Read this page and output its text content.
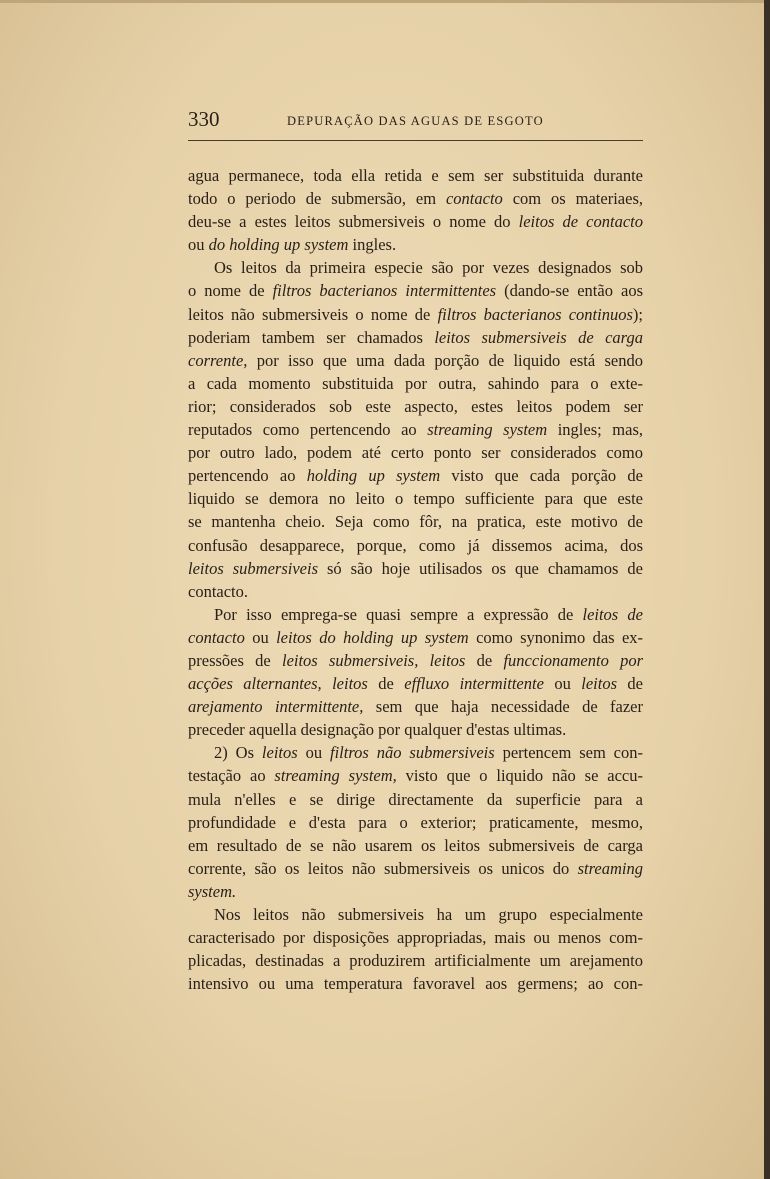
330	DEPURAÇÃO DAS AGUAS DE ESGOTO
agua permanece, toda ella retida e sem ser substituida durante
todo o periodo de submersão, em contacto com os materiaes,
deu-se a estes leitos submersiveis o nome do leitos de contacto
ou do holding up system ingles.
Os leitos da primeira especie são por vezes designados sob
o nome de filtros bacterianos intermittentes (dando-se então aos
leitos não submersiveis o nome de filtros bacterianos continuos);
poderiam tambem ser chamados leitos submersiveis de carga
corrente, por isso que uma dada porção de liquido está sendo
a cada momento substituida por outra, sahindo para o exte-
rior; considerados sob este aspecto, estes leitos podem ser
reputados como pertencendo ao streaming system ingles; mas,
por outro lado, podem até certo ponto ser considerados como
pertencendo ao holding up system visto que cada porção de
liquido se demora no leito o tempo sufficiente para que este
se mantenha cheio. Seja como fôr, na pratica, este motivo de
confusão desapparece, porque, como já dissemos acima, dos
leitos submersiveis só são hoje utilisados os que chamamos de
contacto.
Por isso emprega-se quasi sempre a expressão de leitos de
contacto ou leitos do holding up system como synonimo das ex-
pressões de leitos submersiveis, leitos de funccionamento por
acções alternantes, leitos de effluxo intermittente ou leitos de
arejamento intermittente, sem que haja necessidade de fazer
preceder aquella designação por qualquer d'estas ultimas.
2) Os leitos ou filtros não submersiveis pertencem sem con-
testação ao streaming system, visto que o liquido não se accu-
mula n'elles e se dirige directamente da superficie para a
profundidade e d'esta para o exterior; praticamente, mesmo,
em resultado de se não usarem os leitos submersiveis de carga
corrente, são os leitos não submersiveis os unicos do streaming
system.
Nos leitos não submersiveis ha um grupo especialmente
caracterisado por disposições appropriadas, mais ou menos com-
plicadas, destinadas a produzirem artificialmente um arejamento
intensivo ou uma temperatura favoravel aos germens; ao con-
